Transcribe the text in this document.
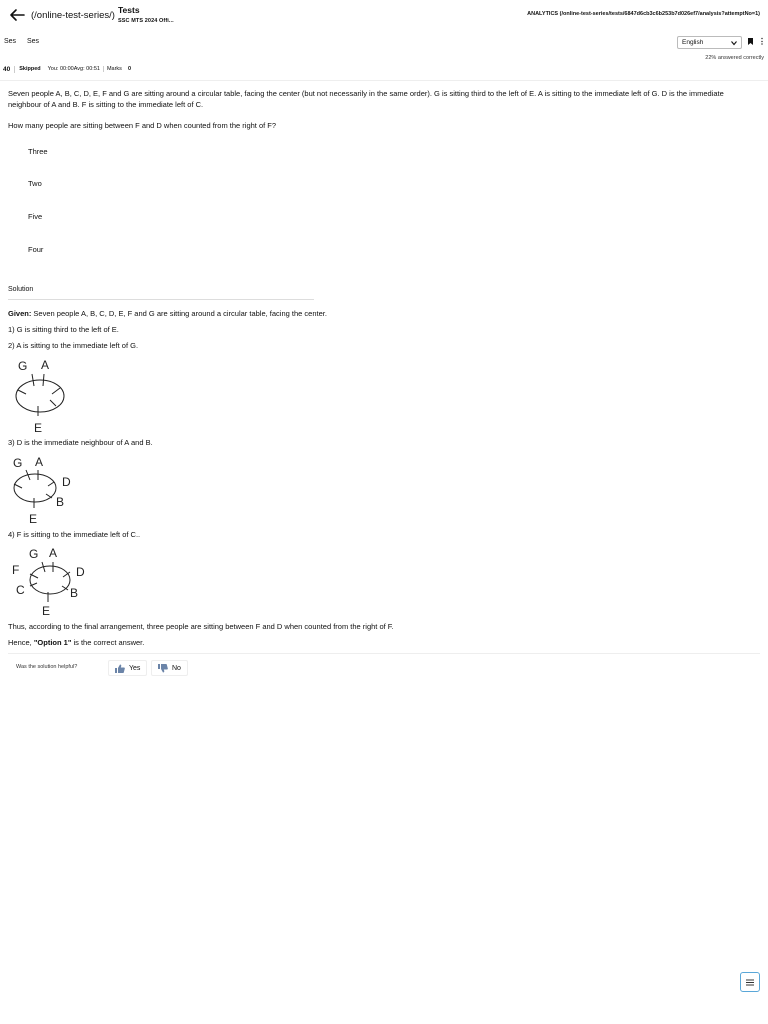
(/online-test-series/) Tests
SSC MTS 2024 Offi...
ANALYTICS (/online-test-series/tests/6847d6cb3c6b253b7d026ef7/analysis?attemptNo=1)
Ses Ses	English	⋮
22% answered correctly
40	Skipped	You: 00:00Avg: 00:51	Marks	0
Seven people A, B, C, D, E, F and G are sitting around a circular table, facing the center (but not necessarily in the same order). G is sitting third to the left of E. A is sitting to the immediate left of G. D is the immediate neighbour of A and B. F is sitting to the immediate left of C.
How many people are sitting between F and D when counted from the right of F?
Three
Two
Five
Four
Solution
Given: Seven people A, B, C, D, E, F and G are sitting around a circular table, facing the center.
1) G is sitting third to the left of E.
2) A is sitting to the immediate left of G.
G A
E
3) D is the immediate neighbour of A and B.
G A
D
B
E
4) F is sitting to the immediate left of C..
G A
F	D
C	B
E
Thus, according to the final arrangement, three people are sitting between F and D when counted from the right of F.
Hence, "Option 1" is the correct answer.
Was the solution helpful?	Yes	No
